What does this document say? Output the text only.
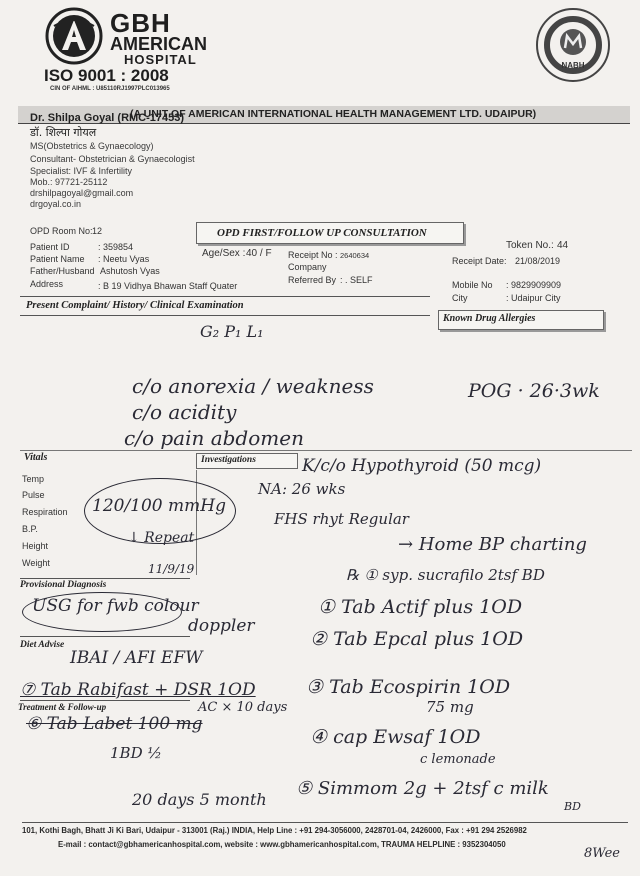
GBH
AMERICAN
HOSPITAL
ISO 9001 : 2008
CIN OF AIHML : U85110RJ1997PLC013965
NABH
(A UNIT OF AMERICAN INTERNATIONAL HEALTH MANAGEMENT LTD. UDAIPUR)
Dr. Shilpa Goyal (RMC-17453)
डॉ. शिल्पा गोयल
MS(Obstetrics & Gynaecology)
Consultant- Obstetrician & Gynaecologist
Specialist: IVF & Infertility
Mob.: 97721-25112
drshilpagoyal@gmail.com
drgoyal.co.in
OPD Room No: 12	OPD FIRST/FOLLOW UP CONSULTATION
Token No.: 44
Patient ID	: 359854
Patient Name : Neetu Vyas
Father/Husband Ashutosh Vyas
Address	: B 19 Vidhya Bhawan Staff Quater
Age/Sex : 40 / F Receipt No : 2640634
Company
Referred By : . SELF
Receipt Date: 21/08/2019
Mobile No : 9829909909
City	: Udaipur City
Present Complaint/ History/ Clinical Examination
Known Drug Allergies
Vitals	Investigations
Temp
Pulse
Respiration
B.P.
Height
Weight
Provisional Diagnosis
Diet Advise
Treatment & Follow-up
G₂ P₁ L₁
c/o anorexia / weakness
c/o acidity
c/o pain abdomen
POG · 26·3wk
K/c/o Hypothyroid (50 mcg)
NA: 26 wks
FHS rhyt Regular
120/100 mmHg
↓ Repeat
11/9/19
→ Home BP charting
℞ ① syp. sucrafilo 2tsf BD
① Tab Actif plus 1OD
② Tab Epcal plus 1OD
③ Tab Ecospirin 1OD
75 mg
④ cap Ewsaf 1OD
c lemonade
⑤ Simmom 2g + 2tsf c milk
BD
USG for fwb colour
doppler
IBAI / AFI EFW
⑦ Tab Rabifast + DSR 1OD
AC × 10 days
⑥ Tab Labet 100 mg
1BD ½
20 days 5 month
101, Kothi Bagh, Bhatt Ji Ki Bari, Udaipur - 313001 (Raj.) INDIA, Help Line : +91 294-3056000, 2428701-04, 2426000, Fax : +91 294 2526982
E-mail : contact@gbhamericanhospital.com, website : www.gbhamericanhospital.com, TRAUMA HELPLINE : 9352304050
8Wee
